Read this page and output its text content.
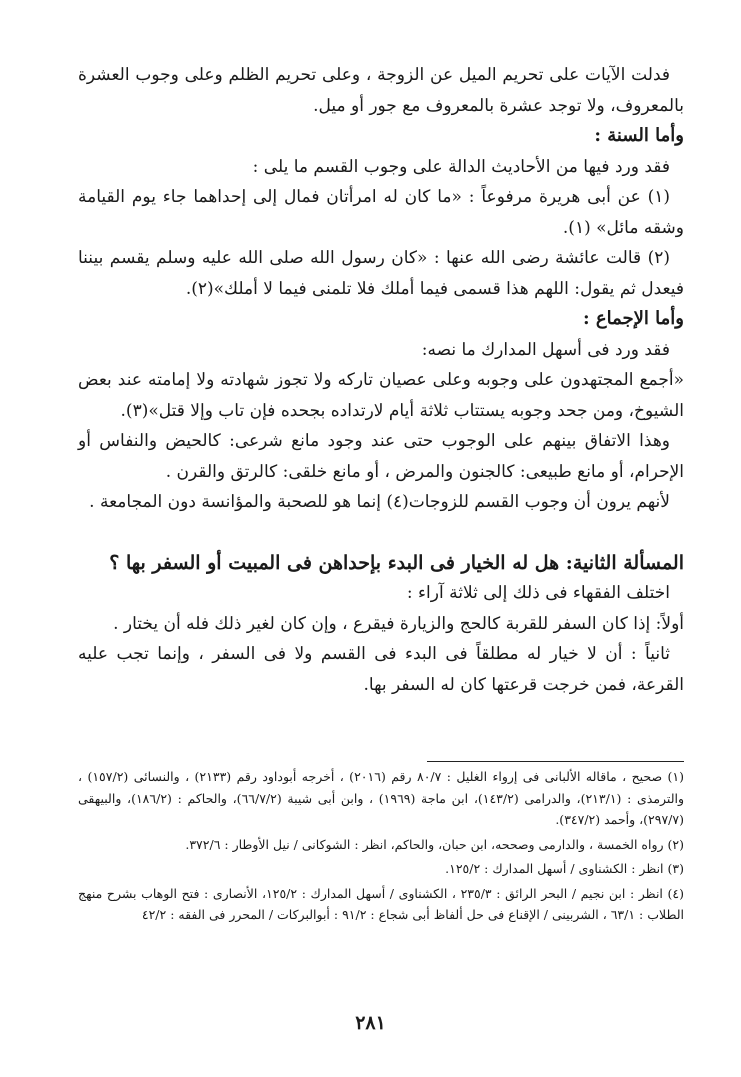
فدلت الآيات على تحريم الميل عن الزوجة ، وعلى تحريم الظلم وعلى وجوب العشرة بالمعروف، ولا توجد عشرة بالمعروف مع جور أو ميل.

وأما السنة :

فقد ورد فيها من الأحاديث الدالة على وجوب القسم ما يلى :

(١) عن أبى هريرة مرفوعاً : «ما كان له امرأتان فمال إلى إحداهما جاء يوم القيامة وشقه مائل» (١).

(٢) قالت عائشة رضى الله عنها : «كان رسول الله صلى الله عليه وسلم يقسم بيننا فيعدل ثم يقول: اللهم هذا قسمى فيما أملك فلا تلمنى فيما لا أملك»(٢).

وأما الإجماع :

فقد ورد فى أسهل المدارك ما نصه:

«أجمع المجتهدون على وجوبه وعلى عصيان تاركه ولا تجوز شهادته ولا إمامته عند بعض الشيوخ، ومن جحد وجوبه يستتاب ثلاثة أيام لارتداده بجحده فإن تاب وإلا قتل»(٣).

وهذا الاتفاق بينهم على الوجوب حتى عند وجود مانع شرعى: كالحيض والنفاس أو الإحرام، أو مانع طبيعى: كالجنون والمرض ، أو مانع خلقى: كالرتق والقرن .

لأنهم يرون أن وجوب القسم للزوجات(٤) إنما هو للصحبة والمؤانسة دون المجامعة .

المسألة الثانية: هل له الخيار فى البدء بإحداهن فى المبيت أو السفر بها ؟

اختلف الفقهاء فى ذلك إلى ثلاثة آراء :

أولاً: إذا كان السفر للقربة كالحج والزيارة فيقرع ، وإن كان لغير ذلك فله أن يختار .

ثانياً : أن لا خيار له مطلقاً فى البدء فى القسم ولا فى السفر ، وإنما تجب عليه القرعة، فمن خرجت قرعتها كان له السفر بها.

(١) صحيح ، ماقاله الألبانى فى إرواء الغليل : ٨٠/٧ رقم (٢٠١٦) ، أخرجه أبوداود رقم (٢١٣٣) ، والنسائى (١٥٧/٢) ، والترمذى : (٢١٣/١)، والدرامى (١٤٣/٢)، ابن ماجة (١٩٦٩) ، وابن أبى شيبة (٦٦/٧/٢)، والحاكم : (١٨٦/٢)، والبيهقى (٢٩٧/٧)، وأحمد (٣٤٧/٢).

(٢) رواه الخمسة ، والدارمى وصححه، ابن حبان، والحاكم، انظر : الشوكانى / نيل الأوطار : ٣٧٢/٦.

(٣) انظر : الكشناوى / أسهل المدارك : ١٢٥/٢.

(٤) انظر : ابن نجيم / البحر الرائق : ٢٣٥/٣ ، الكشناوى / أسهل المدارك : ١٢٥/٢، الأنصارى : فتح الوهاب بشرح منهج الطلاب : ٦٣/١ ، الشربينى / الإقناع فى حل ألفاظ أبى شجاع : ٩١/٢ : أبوالبركات / المحرر فى الفقه : ٤٢/٢

٢٨١
